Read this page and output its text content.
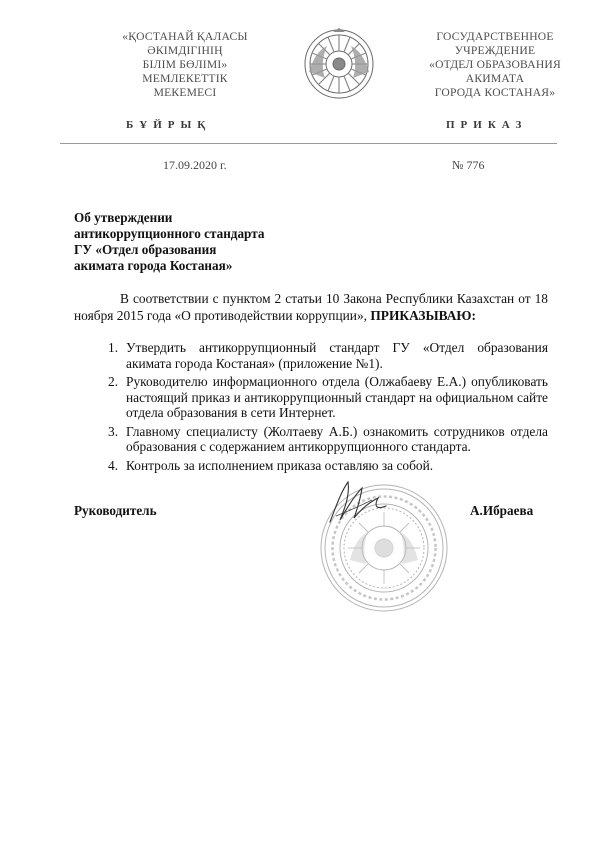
«ҚОСТАНАЙ ҚАЛАСЫ
ӘКІМДІГІНІҢ
БІЛІМ БӨЛІМІ»
МЕМЛЕКЕТТІК
МЕКЕМЕСІ
ГОСУДАРСТВЕННОЕ
УЧРЕЖДЕНИЕ
«ОТДЕЛ ОБРАЗОВАНИЯ
АКИМАТА
ГОРОДА КОСТАНАЯ»
БҰЙРЫҚ	ПРИКАЗ
17.09.2020 г.	№ 776
Об утверждении
антикоррупционного стандарта
ГУ «Отдел образования
акимата города Костаная»
В соответствии с пунктом 2 статьи 10 Закона Республики Казахстан от 18 ноября 2015 года «О противодействии коррупции», ПРИКАЗЫВАЮ:
1. Утвердить антикоррупционный стандарт ГУ «Отдел образования акимата города Костаная» (приложение №1).
2. Руководителю информационного отдела (Олжабаеву Е.А.) опубликовать настоящий приказ и антикоррупционный стандарт на официальном сайте отдела образования в сети Интернет.
3. Главному специалисту (Жолтаеву А.Б.) ознакомить сотрудников отдела образования с содержанием антикоррупционного стандарта.
4. Контроль за исполнением приказа оставляю за собой.
Руководитель	А.Ибраева
